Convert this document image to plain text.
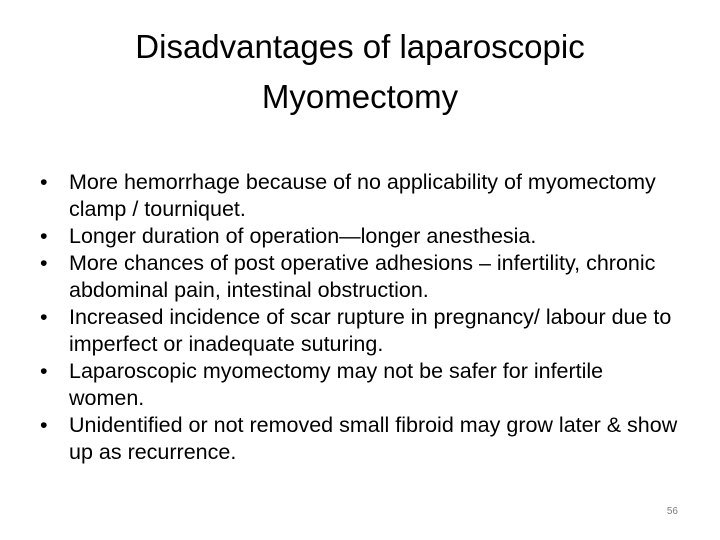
Disadvantages of laparoscopic
Myomectomy
• More hemorrhage because of no applicability of myomectomy clamp / tourniquet.
• Longer duration of operation—longer anesthesia.
• More chances of post operative adhesions – infertility, chronic abdominal pain, intestinal obstruction.
• Increased incidence of scar rupture in pregnancy/ labour due to imperfect or inadequate suturing.
• Laparoscopic myomectomy may not be safer for infertile women.
• Unidentified or not removed small fibroid may grow later & show up as recurrence.
56
